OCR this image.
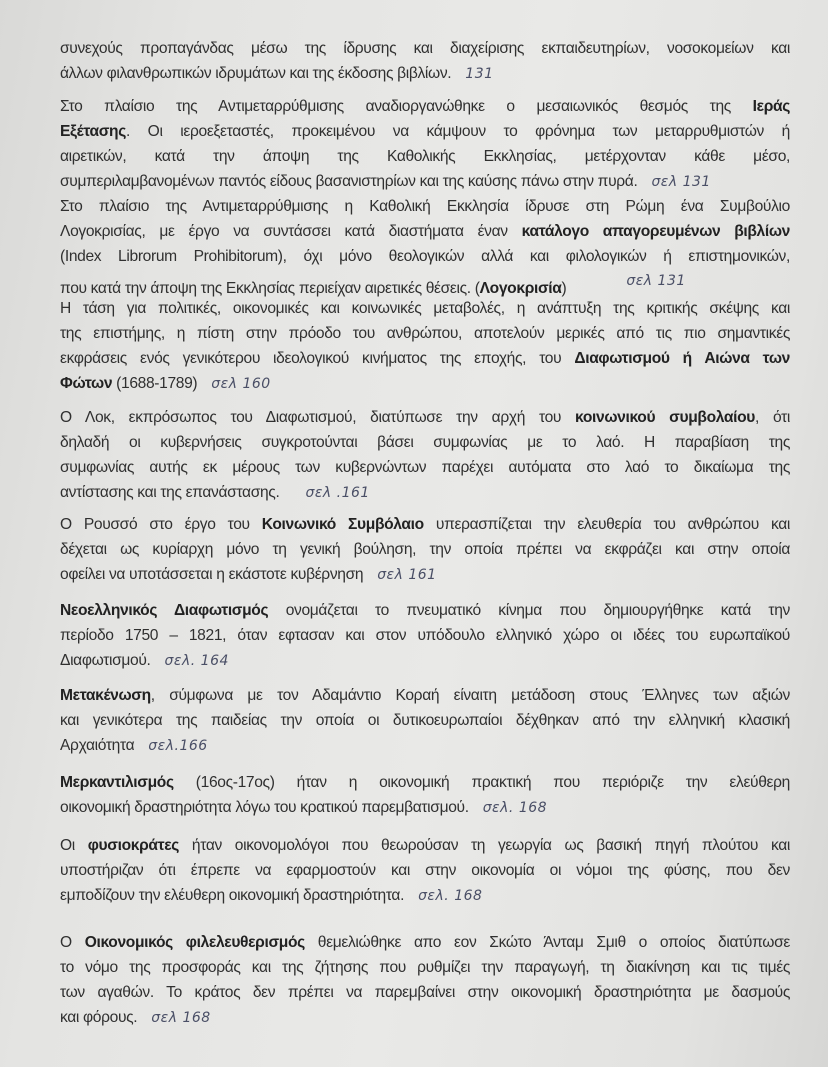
συνεχούς προπαγάνδας μέσω της ίδρυσης και διαχείρισης εκπαιδευτηρίων, νοσοκομείων και
άλλων φιλανθρωπικών ιδρυμάτων και της έκδοσης βιβλίων. 131
Στο πλαίσιο της Αντιμεταρρύθμισης αναδιοργανώθηκε ο μεσαιωνικός θεσμός της Ιεράς
Εξέτασης. Οι ιεροεξεταστές, προκειμένου να κάμψουν το φρόνημα των μεταρρυθμιστών ή
αιρετικών, κατά την άποψη της Καθολικής Εκκλησίας, μετέρχονταν κάθε μέσο,
συμπεριλαμβανομένων παντός είδους βασανιστηρίων και της καύσης πάνω στην πυρά. σελ 131
Στο πλαίσιο της Αντιμεταρρύθμισης η Καθολική Εκκλησία ίδρυσε στη Ρώμη ένα Συμβούλιο
Λογοκρισίας, με έργο να συντάσσει κατά διαστήματα έναν κατάλογο απαγορευμένων βιβλίων
(Index Librorum Prohibitorum), όχι μόνο θεολογικών αλλά και φιλολογικών ή επιστημονικών,
που κατά την άποψη της Εκκλησίας περιείχαν αιρετικές θέσεις. (Λογοκρισία)	σελ 131
Η τάση για πολιτικές, οικονομικές και κοινωνικές μεταβολές, η ανάπτυξη της κριτικής σκέψης και
της επιστήμης, η πίστη στην πρόοδο του ανθρώπου, αποτελούν μερικές από τις πιο σημαντικές
εκφράσεις ενός γενικότερου ιδεολογικού κινήματος της εποχής, του Διαφωτισμού ή Αιώνα των
Φώτων (1688-1789) σελ 160
Ο Λοκ, εκπρόσωπος του Διαφωτισμού, διατύπωσε την αρχή του κοινωνικού συμβολαίου, ότι
δηλαδή οι κυβερνήσεις συγκροτούνται βάσει συμφωνίας με το λαό. Η παραβίαση της
συμφωνίας αυτής εκ μέρους των κυβερνώντων παρέχει αυτόματα στο λαό το δικαίωμα της
αντίστασης και της επανάστασης. σελ .161
Ο Ρουσσό στο έργο του Κοινωνικό Συμβόλαιο υπερασπίζεται την ελευθερία του ανθρώπου και
δέχεται ως κυρίαρχη μόνο τη γενική βούληση, την οποία πρέπει να εκφράζει και στην οποία
οφείλει να υποτάσσεται η εκάστοτε κυβέρνηση σελ 161
Νεοελληνικός Διαφωτισμός ονομάζεται το πνευματικό κίνημα που δημιουργήθηκε κατά την
περίοδο 1750 – 1821, όταν εφτασαν και στον υπόδουλο ελληνικό χώρο οι ιδέες του ευρωπαϊκού
Διαφωτισμού. σελ. 164
Μετακένωση, σύμφωνα με τον Αδαμάντιο Κοραή είναιτη μετάδοση στους Έλληνες των αξιών
και γενικότερα της παιδείας την οποία οι δυτικοευρωπαίοι δέχθηκαν από την ελληνική κλασική
Αρχαιότητα σελ.166
Μερκαντιλισμός (16ος-17ος) ήταν η οικονομική πρακτική που περιόριζε την ελεύθερη
οικονομική δραστηριότητα λόγω του κρατικού παρεμβατισμού. σελ. 168
Οι φυσιοκράτες ήταν οικονομολόγοι που θεωρούσαν τη γεωργία ως βασική πηγή πλούτου και
υποστήριζαν ότι έπρεπε να εφαρμοστούν και στην οικονομία οι νόμοι της φύσης, που δεν
εμποδίζουν την ελέυθερη οικονομική δραστηριότητα. σελ. 168
Ο Οικονομικός φιλελευθερισμός θεμελιώθηκε απο εον Σκώτο Άνταμ Σμιθ ο οποίος διατύπωσε
το νόμο της προσφοράς και της ζήτησης που ρυθμίζει την παραγωγή, τη διακίνηση και τις τιμές
των αγαθών. Το κράτος δεν πρέπει να παρεμβαίνει στην οικονομική δραστηριότητα με δασμούς
και φόρους. σελ 168
